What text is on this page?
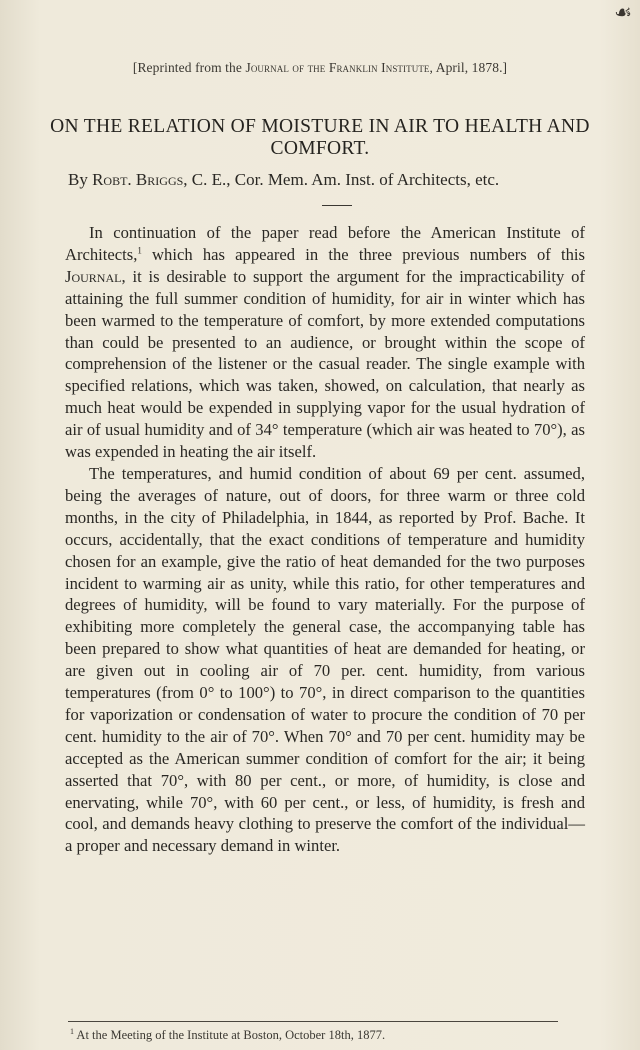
☙
[Reprinted from the Journal of the Franklin Institute, April, 1878.]
ON THE RELATION OF MOISTURE IN AIR TO HEALTH AND COMFORT.
By Robt. Briggs, C. E., Cor. Mem. Am. Inst. of Architects, etc.

In continuation of the paper read before the American Institute of Architects,$^1$ which has appeared in the three previous numbers of this Journal, it is desirable to support the argument for the impracticability of attaining the full summer condition of humidity, for air in winter which has been warmed to the temperature of comfort, by more extended computations than could be presented to an audience, or brought within the scope of comprehension of the listener or the casual reader. The single example with specified relations, which was taken, showed, on calculation, that nearly as much heat would be expended in supplying vapor for the usual hydration of air of usual humidity and of 34° temperature (which air was heated to 70°), as was expended in heating the air itself.

The temperatures, and humid condition of about 69 per cent. assumed, being the averages of nature, out of doors, for three warm or three cold months, in the city of Philadelphia, in 1844, as reported by Prof. Bache. It occurs, accidentally, that the exact conditions of temperature and humidity chosen for an example, give the ratio of heat demanded for the two purposes incident to warming air as unity, while this ratio, for other temperatures and degrees of humidity, will be found to vary materially. For the purpose of exhibiting more completely the general case, the accompanying table has been prepared to show what quantities of heat are demanded for heating, or are given out in cooling air of 70 per. cent. humidity, from various temperatures (from 0° to 100°) to 70°, in direct comparison to the quantities for vaporization or condensation of water to procure the condition of 70 per cent. humidity to the air of 70°. When 70° and 70 per cent. humidity may be accepted as the American summer condition of comfort for the air; it being asserted that 70°, with 80 per cent., or more, of humidity, is close and enervating, while 70°, with 60 per cent., or less, of humidity, is fresh and cool, and demands heavy clothing to preserve the comfort of the individual—a proper and necessary demand in winter.

$^1$ At the Meeting of the Institute at Boston, October 18th, 1877.
